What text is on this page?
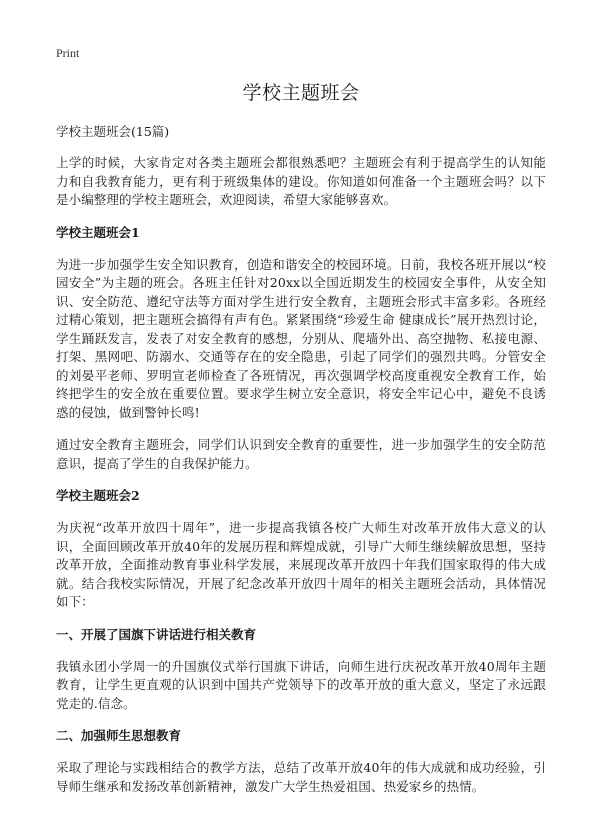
Print
学校主题班会
学校主题班会(15篇)

上学的时候，大家肯定对各类主题班会都很熟悉吧？主题班会有利于提高学生的认知能力和自我教育能力，更有利于班级集体的建设。你知道如何准备一个主题班会吗？以下是小编整理的学校主题班会，欢迎阅读，希望大家能够喜欢。

学校主题班会1

为进一步加强学生安全知识教育，创造和谐安全的校园环境。日前，我校各班开展以“校园安全”为主题的班会。各班主任针对20xx以全国近期发生的校园安全事件，从安全知识、安全防范、遵纪守法等方面对学生进行安全教育，主题班会形式丰富多彩。各班经过精心策划，把主题班会搞得有声有色。紧紧围绕“珍爱生命 健康成长”展开热烈讨论，学生踊跃发言，发表了对安全教育的感想，分别从、爬墙外出、高空抛物、私接电源、打架、黑网吧、防溺水、交通等存在的安全隐患，引起了同学们的强烈共鸣。分管安全的刘晏平老师、罗明宣老师检查了各班情况，再次强调学校高度重视安全教育工作，始终把学生的安全放在重要位置。要求学生树立安全意识，将安全牢记心中，避免不良诱惑的侵蚀，做到警钟长鸣!

通过安全教育主题班会，同学们认识到安全教育的重要性，进一步加强学生的安全防范意识，提高了学生的自我保护能力。

学校主题班会2

为庆祝“改革开放四十周年”，进一步提高我镇各校广大师生对改革开放伟大意义的认识，全面回顾改革开放40年的发展历程和辉煌成就，引导广大师生继续解放思想，坚持改革开放，全面推动教育事业科学发展，来展现改革开放四十年我们国家取得的伟大成就。结合我校实际情况，开展了纪念改革开放四十周年的相关主题班会活动，具体情况如下：

一、开展了国旗下讲话进行相关教育

我镇永团小学周一的升国旗仪式举行国旗下讲话，向师生进行庆祝改革开放40周年主题教育，让学生更直观的认识到中国共产党领导下的改革开放的重大意义，坚定了永远跟党走的.信念。

二、加强师生思想教育

采取了理论与实践相结合的教学方法，总结了改革开放40年的伟大成就和成功经验，引导师生继承和发扬改革创新精神，激发广大学生热爱祖国、热爱家乡的热情。
